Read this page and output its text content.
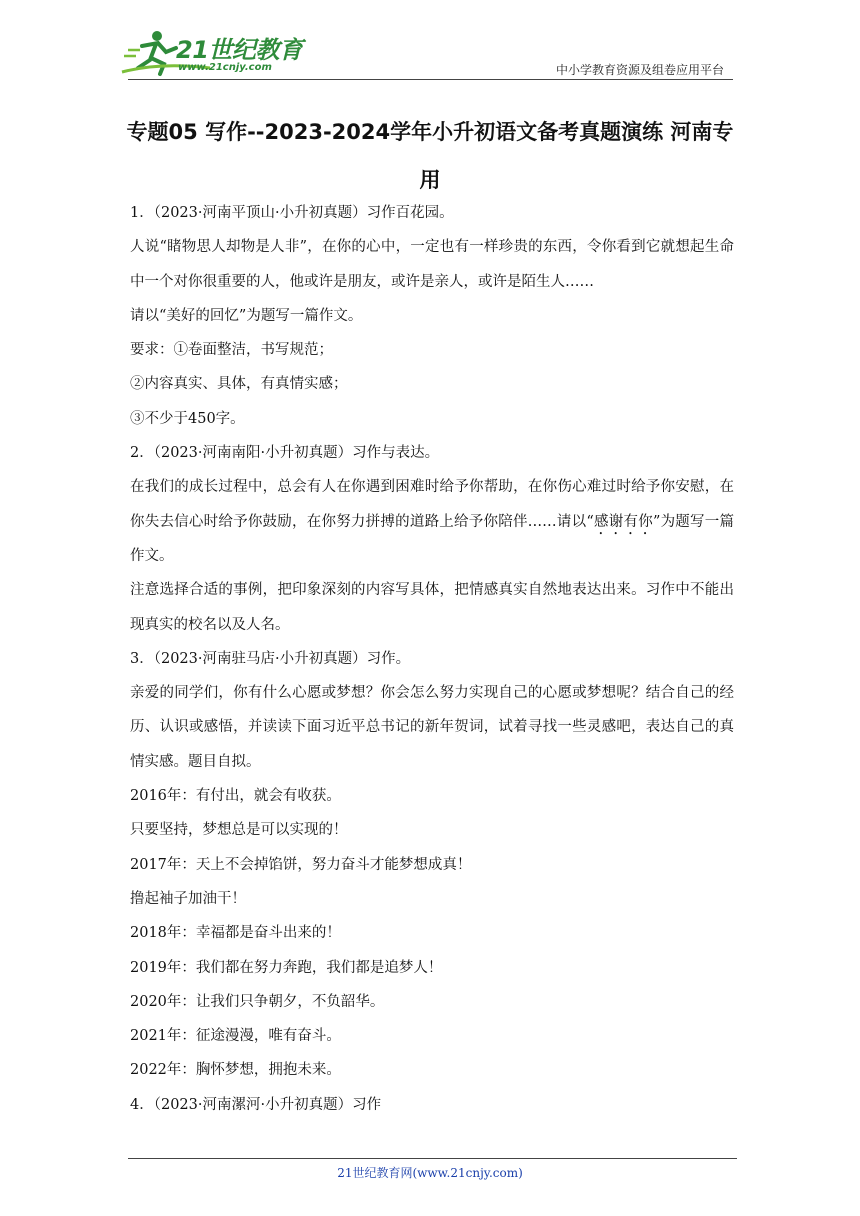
21世纪教育
www.21cnjy.com	中小学教育资源及组卷应用平台
专题05 写作--2023-2024学年小升初语文备考真题演练 河南专用

1．（2023·河南平顶山·小升初真题）习作百花园。

人说“睹物思人却物是人非”，在你的心中，一定也有一样珍贵的东西，令你看到它就想起生命中一个对你很重要的人，他或许是朋友，或许是亲人，或许是陌生人……

请以“美好的回忆”为题写一篇作文。

要求：①卷面整洁，书写规范；

②内容真实、具体，有真情实感；

③不少于450字。

2．（2023·河南南阳·小升初真题）习作与表达。

在我们的成长过程中，总会有人在你遇到困难时给予你帮助，在你伤心难过时给予你安慰，在你失去信心时给予你鼓励，在你努力拼搏的道路上给予你陪伴……请以“感谢有你”为题写一篇作文。

注意选择合适的事例，把印象深刻的内容写具体，把情感真实自然地表达出来。习作中不能出现真实的校名以及人名。

3．（2023·河南驻马店·小升初真题）习作。

亲爱的同学们，你有什么心愿或梦想？你会怎么努力实现自己的心愿或梦想呢？结合自己的经历、认识或感悟，并读读下面习近平总书记的新年贺词，试着寻找一些灵感吧，表达自己的真情实感。题目自拟。

2016年：有付出，就会有收获。

只要坚持，梦想总是可以实现的！

2017年：天上不会掉馅饼，努力奋斗才能梦想成真！

撸起袖子加油干！

2018年：幸福都是奋斗出来的！

2019年：我们都在努力奔跑，我们都是追梦人！

2020年：让我们只争朝夕，不负韶华。

2021年：征途漫漫，唯有奋斗。

2022年：胸怀梦想，拥抱未来。

4．（2023·河南漯河·小升初真题）习作

21世纪教育网(www.21cnjy.com)
